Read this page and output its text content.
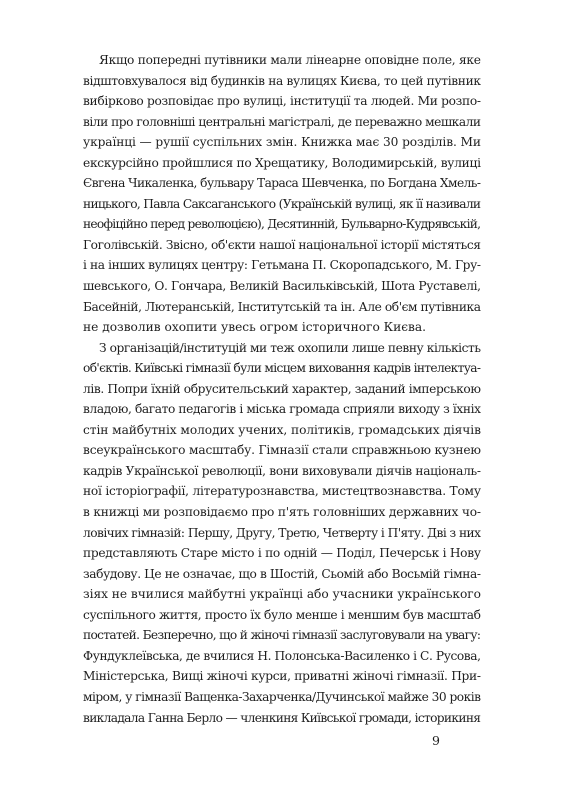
Якщо попередні путівники мали лінеарне оповідне поле, яке
відштовхувалося від будинків на вулицях Києва, то цей путівник
вибірково розповідає про вулиці, інституції та людей. Ми розпо-
віли про головніші центральні магістралі, де переважно мешкали
українці — рушії суспільних змін. Книжка має 30 розділів. Ми
екскурсійно пройшлися по Хрещатику, Володимирській, вулиці
Євгена Чикаленка, бульвару Тараса Шевченка, по Богдана Хмель-
ницького, Павла Саксаганського (Українській вулиці, як її називали
неофіційно перед революцією), Десятинній, Бульварно-Кудрявській,
Гоголівській. Звісно, об'єкти нашої національної історії містяться
і на інших вулицях центру: Гетьмана П. Скоропадського, М. Гру-
шевського, О. Гончара, Великій Васильківській, Шота Руставелі,
Басейній, Лютеранській, Інститутській та ін. Але об'єм путівника
не дозволив охопити увесь огром історичного Києва.
З організацій/інституцій ми теж охопили лише певну кількість
об'єктів. Київські гімназії були місцем виховання кадрів інтелектуа-
лів. Попри їхній обрусительський характер, заданий імперською
владою, багато педагогів і міська громада сприяли виходу з їхніх
стін майбутніх молодих учених, політиків, громадських діячів
всеукраїнського масштабу. Гімназії стали справжньою кузнею
кадрів Української революції, вони виховували діячів національ-
ної історіографії, літературознавства, мистецтвознавства. Тому
в книжці ми розповідаємо про п'ять головніших державних чо-
ловічих гімназій: Першу, Другу, Третю, Четверту і П'яту. Дві з них
представляють Старе місто і по одній — Поділ, Печерськ і Нову
забудову. Це не означає, що в Шостій, Сьомій або Восьмій гімна-
зіях не вчилися майбутні українці або учасники українського
суспільного життя, просто їх було менше і меншим був масштаб
постатей. Безперечно, що й жіночі гімназії заслуговували на увагу:
Фундуклеївська, де вчилися Н. Полонська-Василенко і С. Русова,
Міністерська, Вищі жіночі курси, приватні жіночі гімназії. При-
міром, у гімназії Ващенка-Захарченка/Дучинської майже 30 років
викладала Ганна Берло — членкиня Київської громади, історикиня
9
